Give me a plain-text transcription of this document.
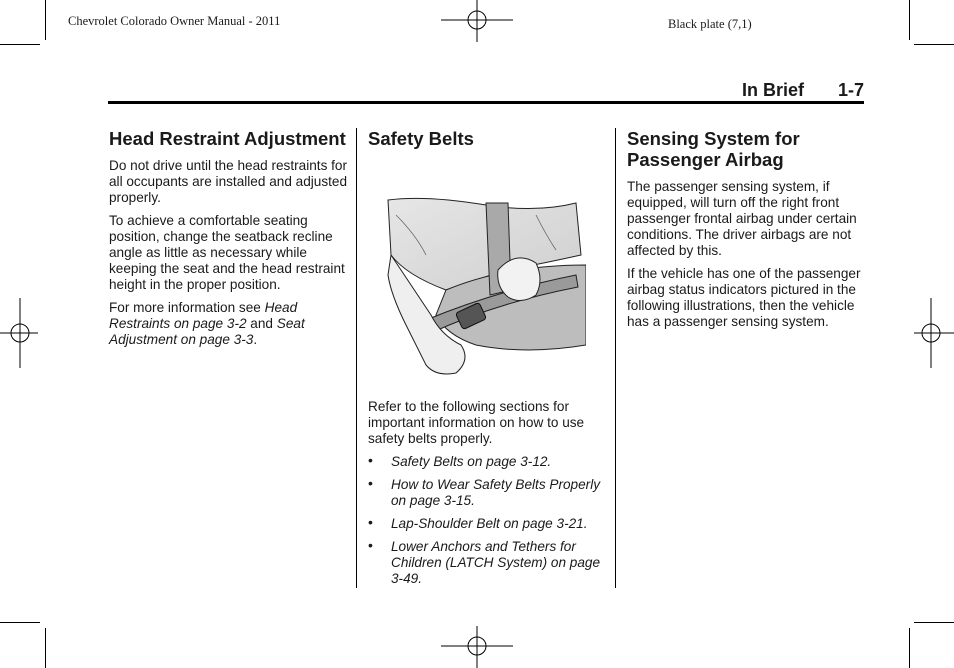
Chevrolet Colorado Owner Manual - 2011	Black plate (7,1)
In Brief 1-7
Head Restraint Adjustment

Do not drive until the head restraints for all occupants are installed and adjusted properly.

To achieve a comfortable seating position, change the seatback recline angle as little as necessary while keeping the seat and the head restraint height in the proper position.

For more information see Head Restraints on page 3-2 and Seat Adjustment on page 3-3.

Safety Belts

Refer to the following sections for important information on how to use safety belts properly.

• Safety Belts on page 3-12.
• How to Wear Safety Belts Properly on page 3-15.
• Lap-Shoulder Belt on page 3-21.
• Lower Anchors and Tethers for Children (LATCH System) on page 3-49.
Sensing System for Passenger Airbag

The passenger sensing system, if equipped, will turn off the right front passenger frontal airbag under certain conditions. The driver airbags are not affected by this.

If the vehicle has one of the passenger airbag status indicators pictured in the following illustrations, then the vehicle has a passenger sensing system.
